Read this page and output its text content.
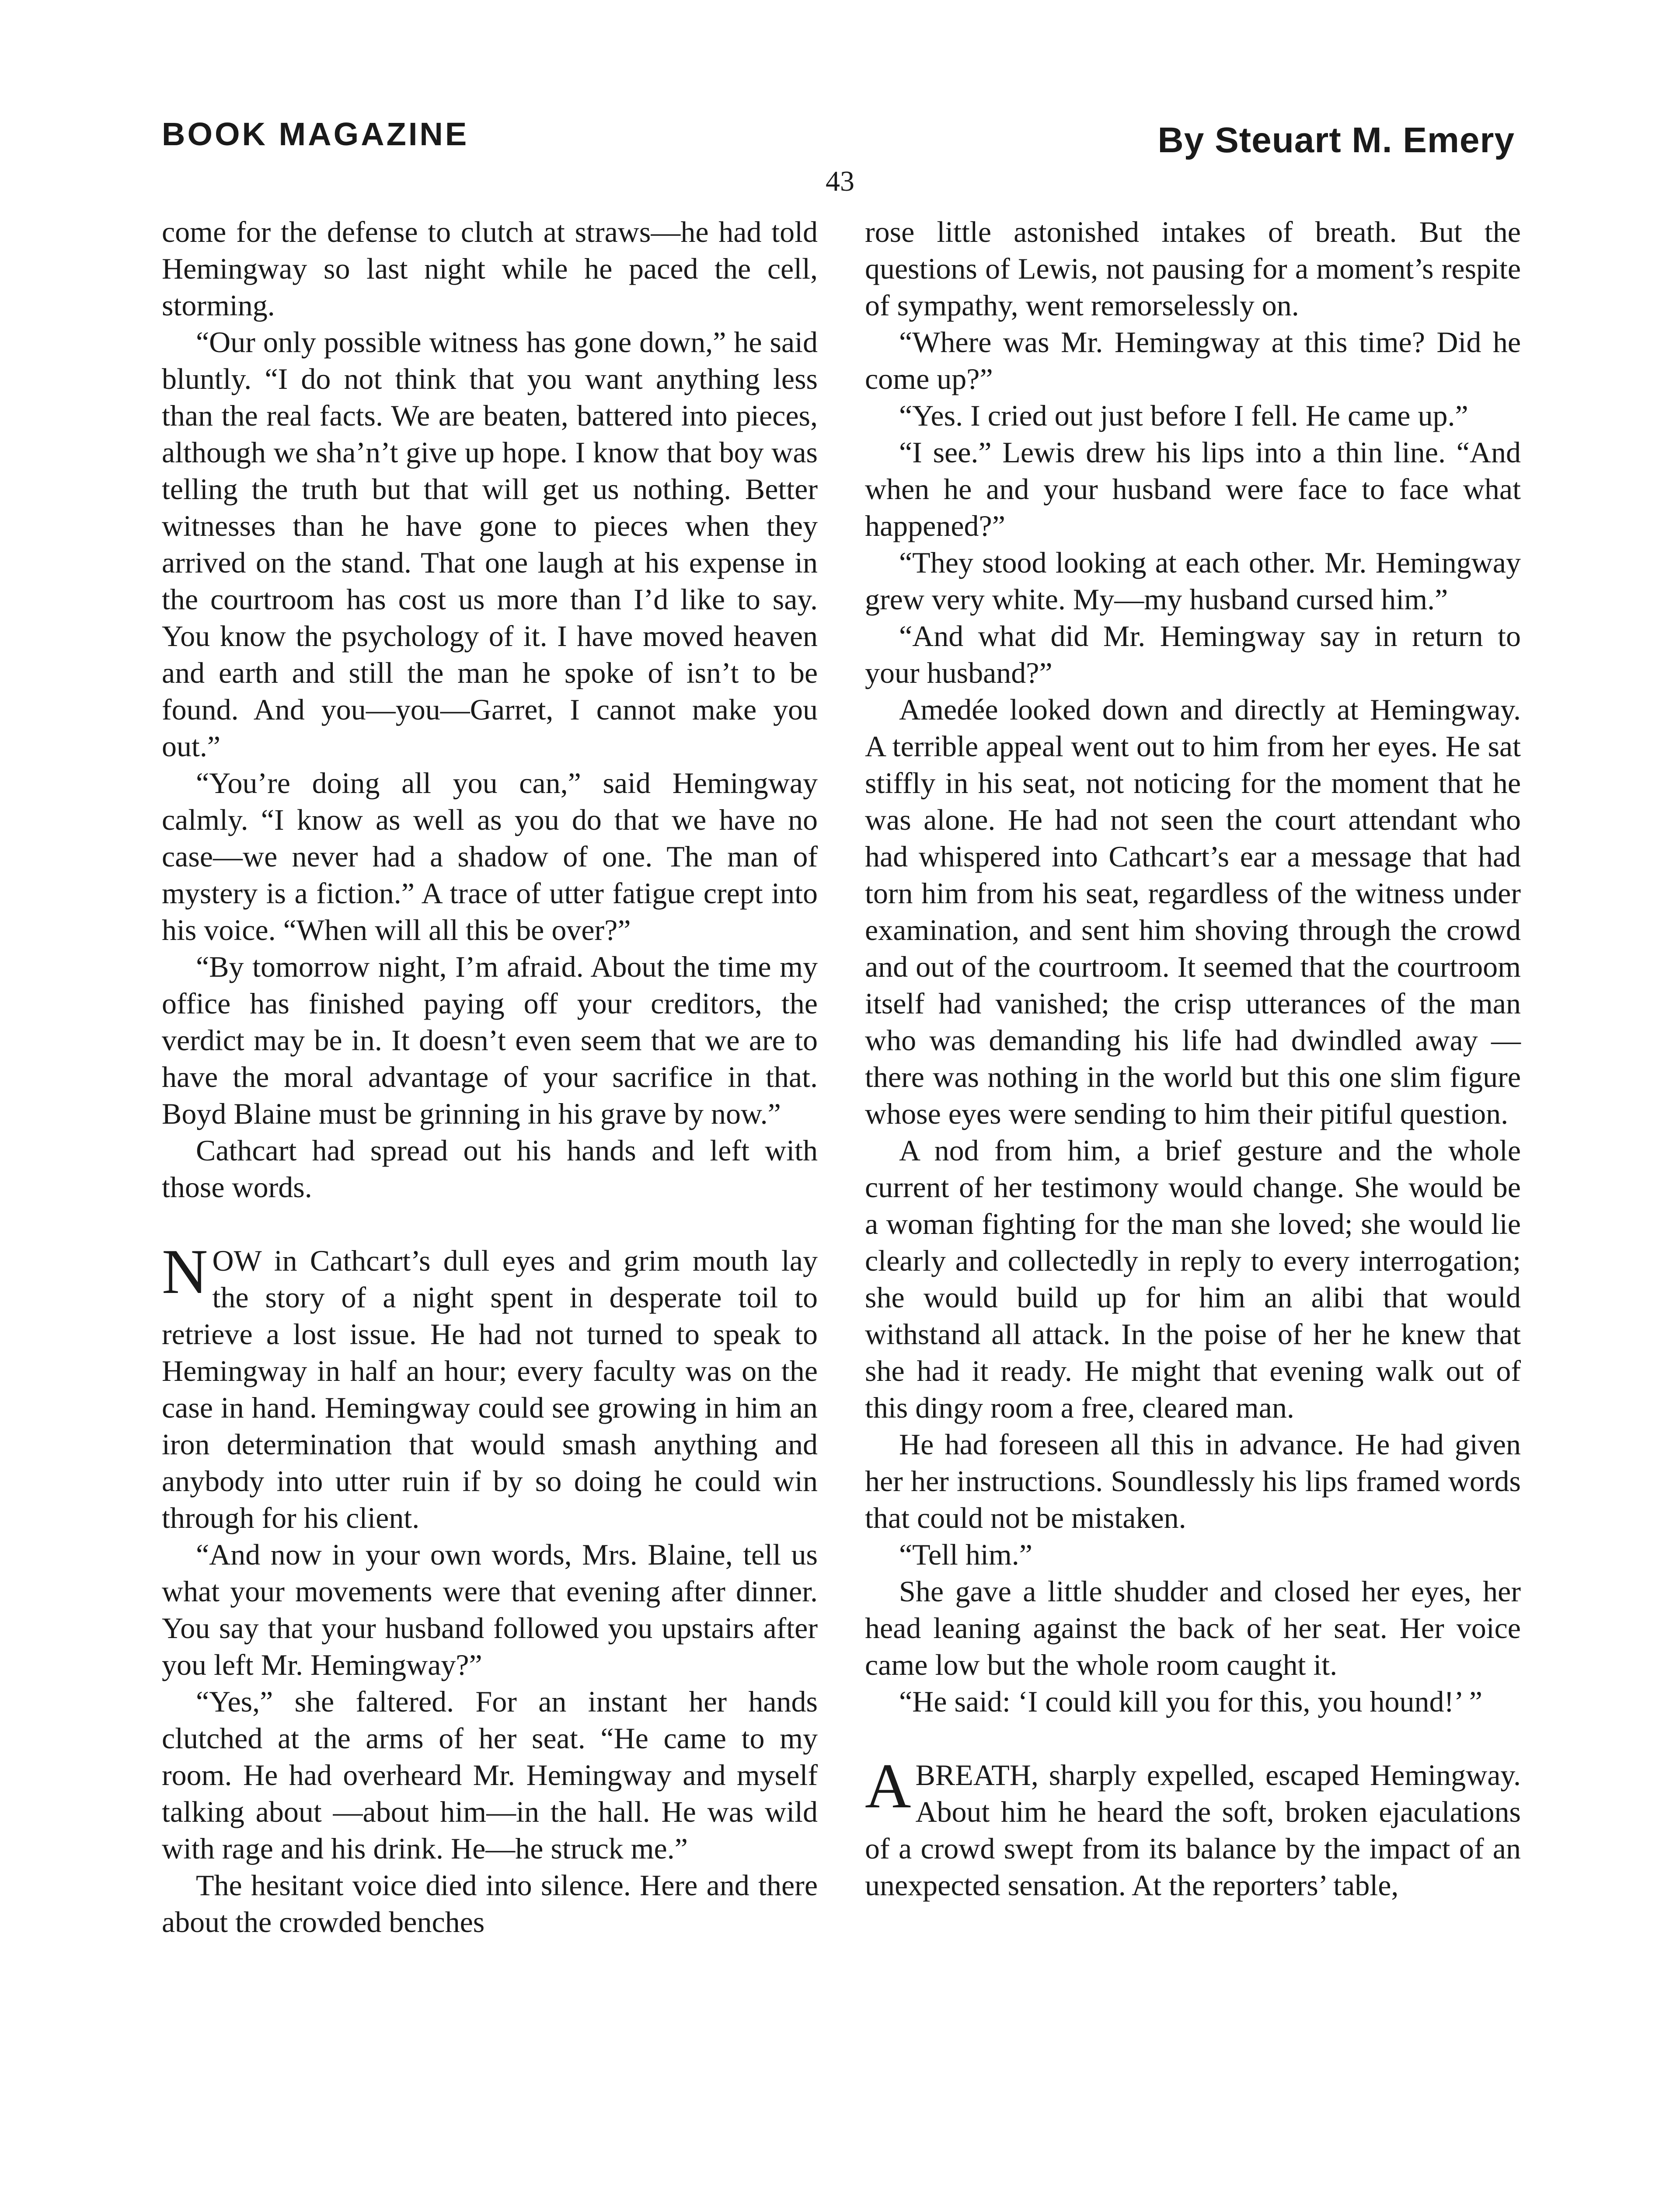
BOOK MAGAZINE	By Steuart M. Emery
43

come for the defense to clutch at straws—he had told Hemingway so last night while he paced the cell, storming.

“Our only possible witness has gone down,” he said bluntly. “I do not think that you want anything less than the real facts. We are beaten, battered into pieces, although we sha’n’t give up hope. I know that boy was telling the truth but that will get us nothing. Better witnesses than he have gone to pieces when they arrived on the stand. That one laugh at his expense in the courtroom has cost us more than I’d like to say. You know the psychology of it. I have moved heaven and earth and still the man he spoke of isn’t to be found. And you—you—Garret, I cannot make you out.”

“You’re doing all you can,” said Hemingway calmly. “I know as well as you do that we have no case—we never had a shadow of one. The man of mystery is a fiction.” A trace of utter fatigue crept into his voice. “When will all this be over?”

“By tomorrow night, I’m afraid. About the time my office has finished paying off your creditors, the verdict may be in. It doesn’t even seem that we are to have the moral advantage of your sacrifice in that. Boyd Blaine must be grinning in his grave by now.”

Cathcart had spread out his hands and left with those words.

NOW in Cathcart’s dull eyes and grim mouth lay the story of a night spent in desperate toil to retrieve a lost issue. He had not turned to speak to Hemingway in half an hour; every faculty was on the case in hand. Hemingway could see growing in him an iron determination that would smash anything and anybody into utter ruin if by so doing he could win through for his client.

“And now in your own words, Mrs. Blaine, tell us what your movements were that evening after dinner. You say that your husband followed you upstairs after you left Mr. Hemingway?”

“Yes,” she faltered. For an instant her hands clutched at the arms of her seat. “He came to my room. He had overheard Mr. Hemingway and myself talking about —about him—in the hall. He was wild with rage and his drink. He—he struck me.”

The hesitant voice died into silence. Here and there about the crowded benches

rose little astonished intakes of breath. But the questions of Lewis, not pausing for a moment’s respite of sympathy, went remorselessly on.

“Where was Mr. Hemingway at this time? Did he come up?”

“Yes. I cried out just before I fell. He came up.”

“I see.” Lewis drew his lips into a thin line. “And when he and your husband were face to face what happened?”

“They stood looking at each other. Mr. Hemingway grew very white. My—my husband cursed him.”

“And what did Mr. Hemingway say in return to your husband?”

Amedée looked down and directly at Hemingway. A terrible appeal went out to him from her eyes. He sat stiffly in his seat, not noticing for the moment that he was alone. He had not seen the court attendant who had whispered into Cathcart’s ear a message that had torn him from his seat, regardless of the witness under examination, and sent him shoving through the crowd and out of the courtroom. It seemed that the courtroom itself had vanished; the crisp utterances of the man who was demanding his life had dwindled away —there was nothing in the world but this one slim figure whose eyes were sending to him their pitiful question.

A nod from him, a brief gesture and the whole current of her testimony would change. She would be a woman fighting for the man she loved; she would lie clearly and collectedly in reply to every interrogation; she would build up for him an alibi that would withstand all attack. In the poise of her he knew that she had it ready. He might that evening walk out of this dingy room a free, cleared man.

He had foreseen all this in advance. He had given her her instructions. Soundlessly his lips framed words that could not be mistaken.

“Tell him.”

She gave a little shudder and closed her eyes, her head leaning against the back of her seat. Her voice came low but the whole room caught it.

“He said: ‘I could kill you for this, you hound!’ ”

ABREATH, sharply expelled, escaped Hemingway. About him he heard the soft, broken ejaculations of a crowd swept from its balance by the impact of an unexpected sensation. At the reporters’ table,
